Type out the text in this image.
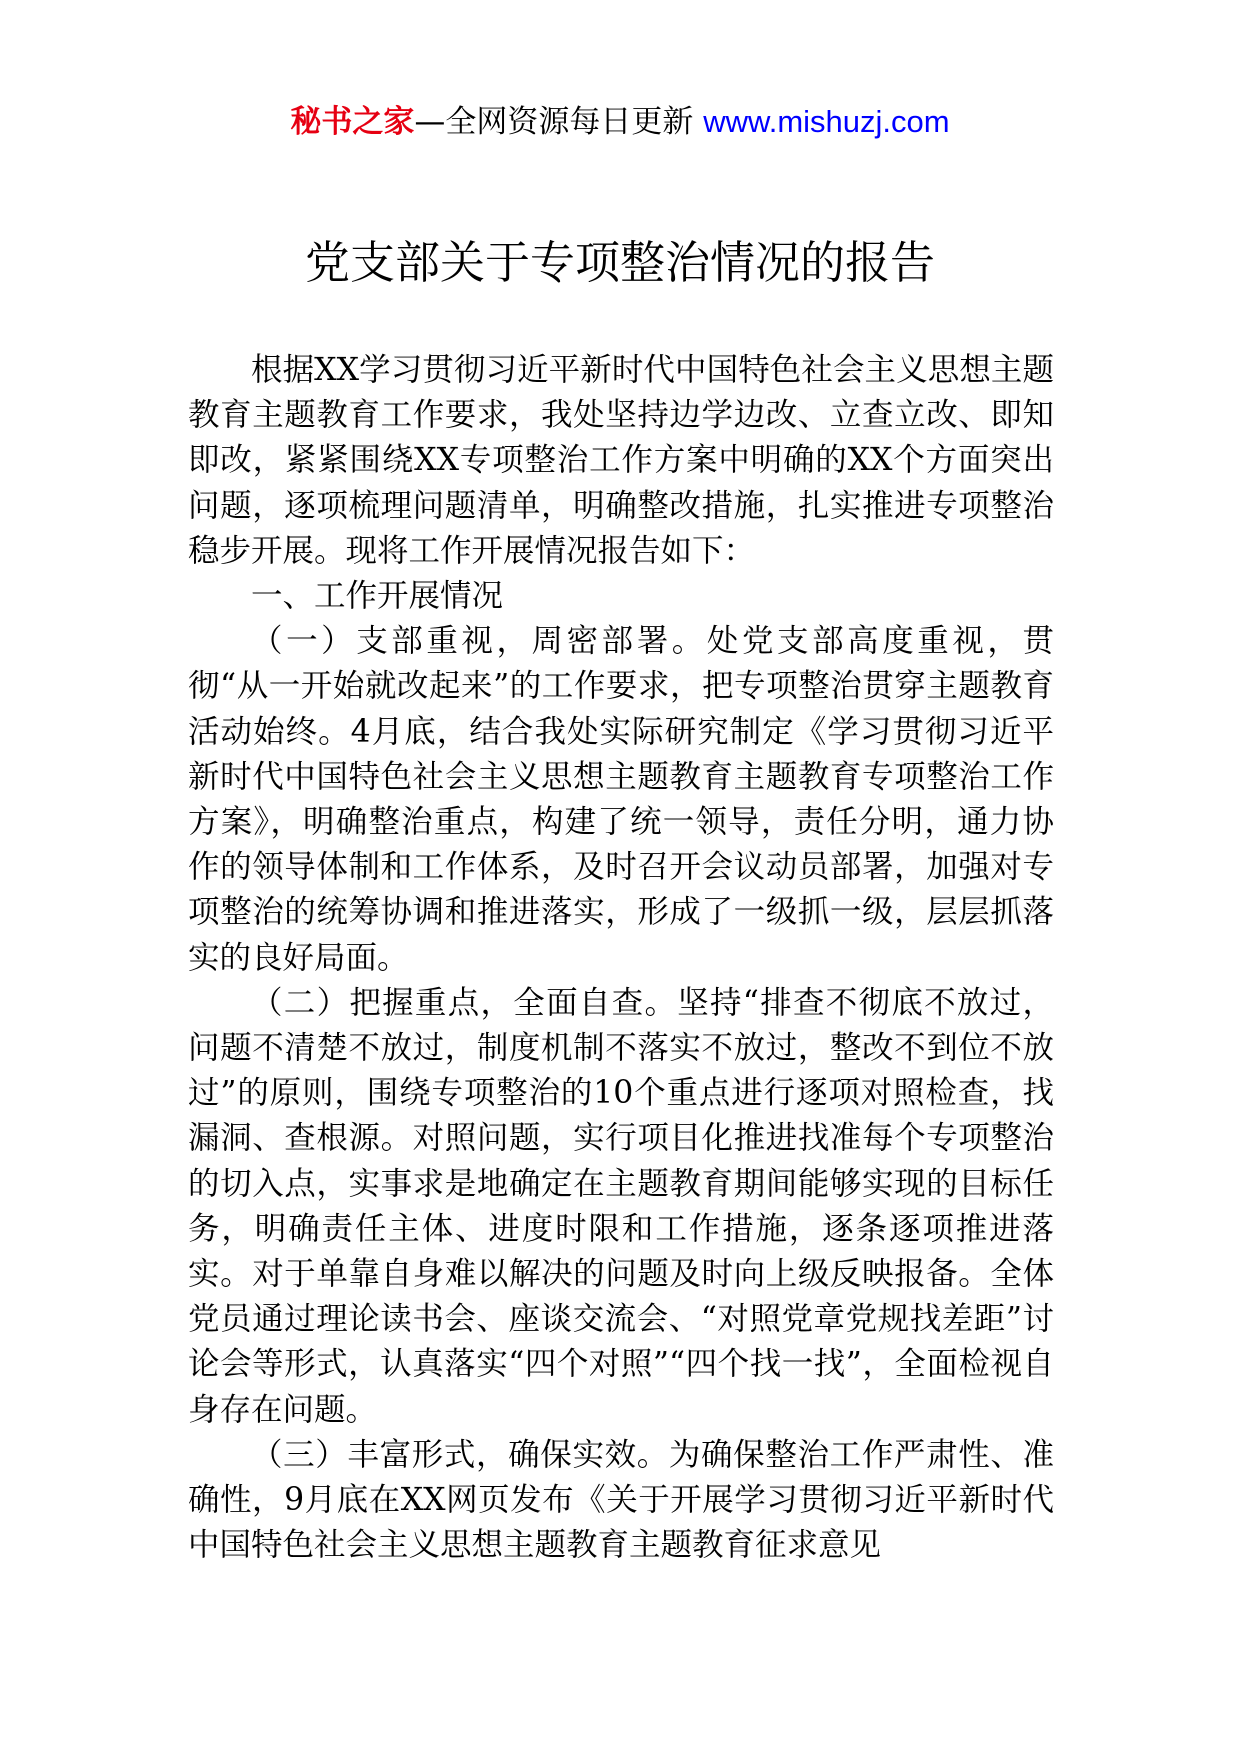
秘书之家—全网资源每日更新 www.mishuzj.com
党支部关于专项整治情况的报告

根据XX学习贯彻习近平新时代中国特色社会主义思想主题教育主题教育工作要求，我处坚持边学边改、立查立改、即知即改，紧紧围绕XX专项整治工作方案中明确的XX个方面突出问题，逐项梳理问题清单，明确整改措施，扎实推进专项整治稳步开展。现将工作开展情况报告如下：

一、工作开展情况

（一）支部重视，周密部署。处党支部高度重视，贯彻“从一开始就改起来”的工作要求，把专项整治贯穿主题教育活动始终。4月底，结合我处实际研究制定《学习贯彻习近平新时代中国特色社会主义思想主题教育主题教育专项整治工作方案》，明确整治重点，构建了统一领导，责任分明，通力协作的领导体制和工作体系，及时召开会议动员部署，加强对专项整治的统筹协调和推进落实，形成了一级抓一级，层层抓落实的良好局面。

（二）把握重点，全面自查。坚持“排查不彻底不放过，问题不清楚不放过，制度机制不落实不放过，整改不到位不放过”的原则，围绕专项整治的10个重点进行逐项对照检查，找漏洞、查根源。对照问题，实行项目化推进找准每个专项整治的切入点，实事求是地确定在主题教育期间能够实现的目标任务，明确责任主体、进度时限和工作措施，逐条逐项推进落实。对于单靠自身难以解决的问题及时向上级反映报备。全体党员通过理论读书会、座谈交流会、“对照党章党规找差距”讨论会等形式，认真落实“四个对照”“四个找一找”，全面检视自身存在问题。

（三）丰富形式，确保实效。为确保整治工作严肃性、准确性，9月底在XX网页发布《关于开展学习贯彻习近平新时代中国特色社会主义思想主题教育主题教育征求意见
